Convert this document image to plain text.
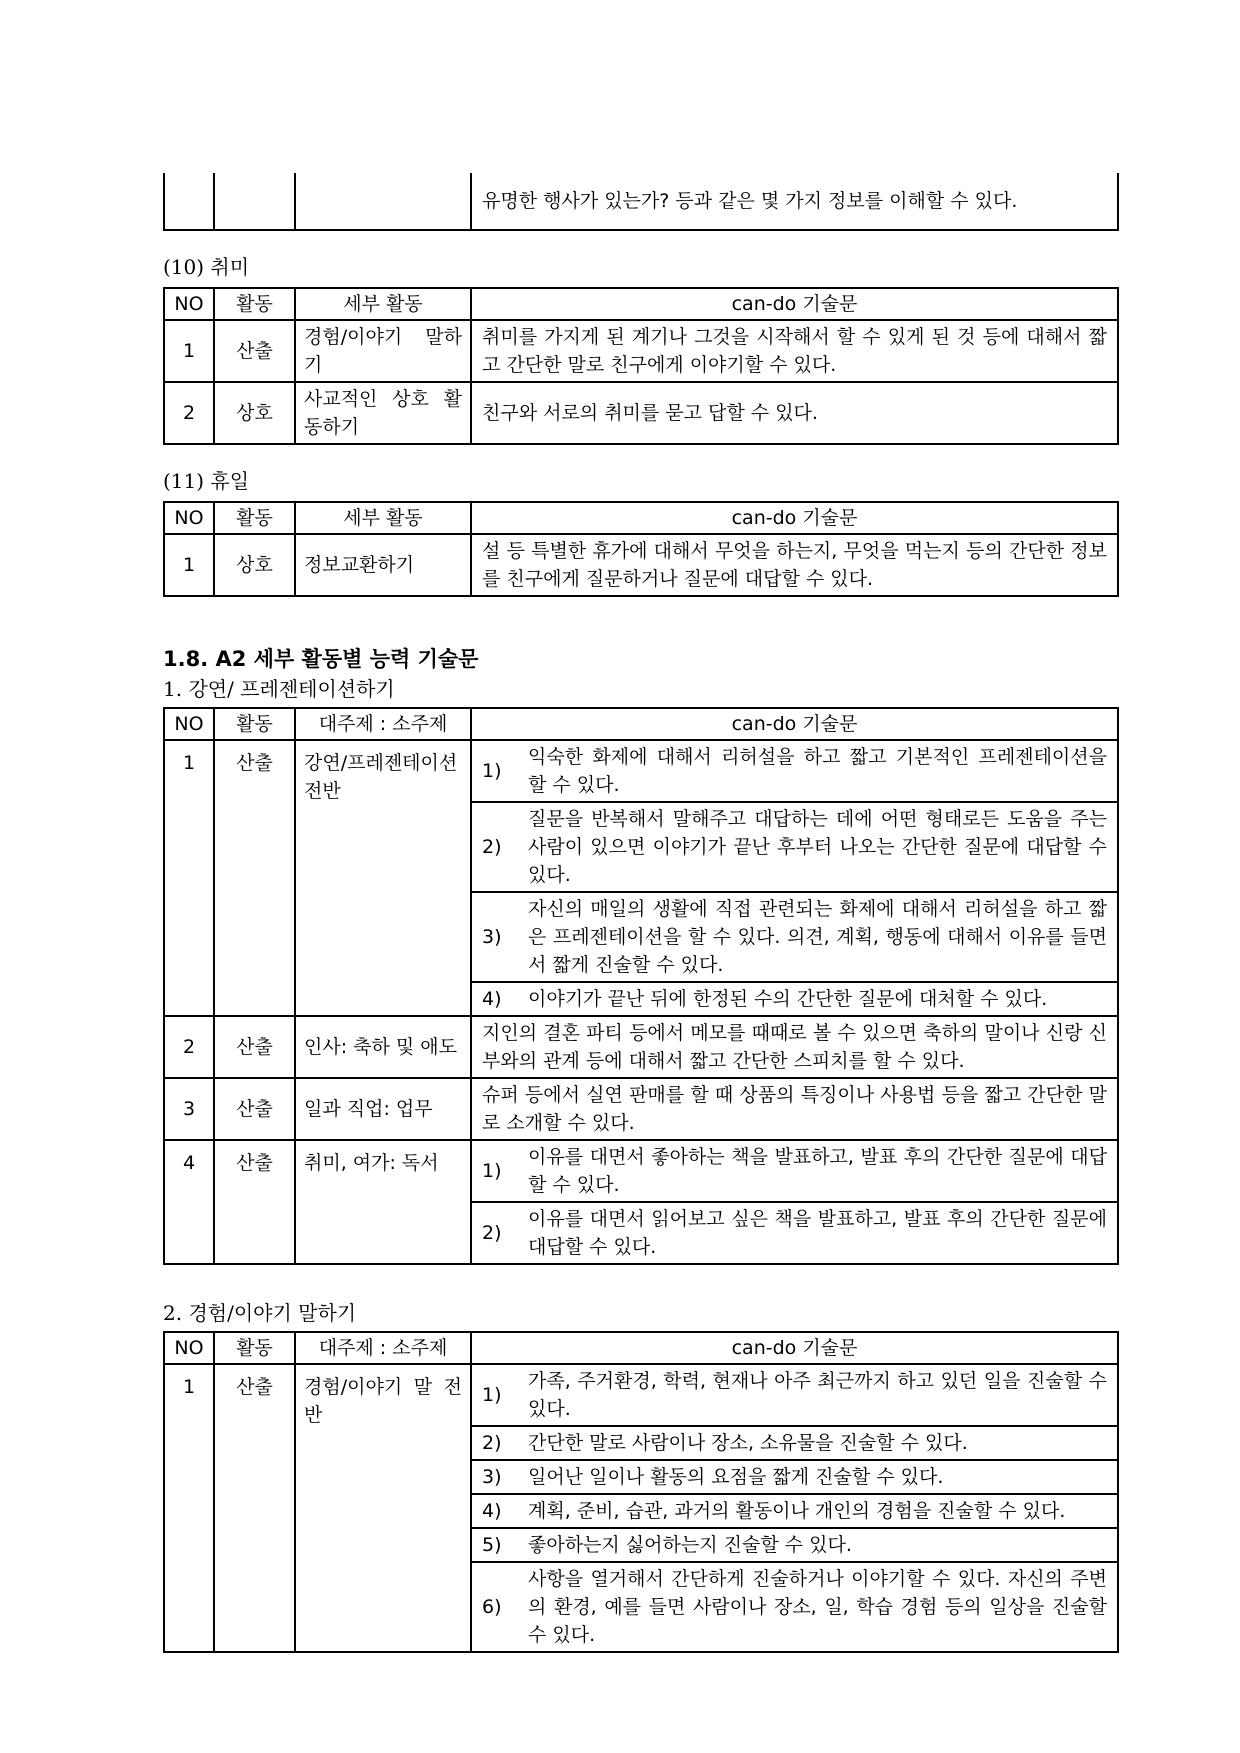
유명한 행사가 있는가? 등과 같은 몇 가지 정보를 이해할 수 있다.
(10) 취미
NO	활동	세부 활동	can-do 기술문
1	산출	경험/이야기 말하기	취미를 가지게 된 계기나 그것을 시작해서 할 수 있게 된 것 등에 대해서 짧고 간단한 말로 친구에게 이야기할 수 있다.

2	상호	사교적인 상호 활동하기	친구와 서로의 취미를 묻고 답할 수 있다.
(11) 휴일
NO	활동	세부 활동	can-do 기술문
1	상호	정보교환하기	설 등 특별한 휴가에 대해서 무엇을 하는지, 무엇을 먹는지 등의 간단한 정보를 친구에게 질문하거나 질문에 대답할 수 있다.
1.8. A2 세부 활동별 능력 기술문
1. 강연/ 프레젠테이션하기
NO	활동	대주제 : 소주제	can-do 기술문
1	산출	강연/프레젠테이션전반	
1)
익숙한 화제에 대해서 리허설을 하고 짧고 기본적인 프레젠테이션을 할 수 있다.
2)
질문을 반복해서 말해주고 대답하는 데에 어떤 형태로든 도움을 주는 사람이 있으면 이야기가 끝난 후부터 나오는 간단한 질문에 대답할 수 있다.
3)
자신의 매일의 생활에 직접 관련되는 화제에 대해서 리허설을 하고 짧은 프레젠테이션을 할 수 있다. 의견, 계획, 행동에 대해서 이유를 들면서 짧게 진술할 수 있다.
4)	이야기가 끝난 뒤에 한정된 수의 간단한 질문에 대처할 수 있다.

2	산출	인사: 축하 및 애도	지인의 결혼 파티 등에서 메모를 때때로 볼 수 있으면 축하의 말이나 신랑 신부와의 관계 등에 대해서 짧고 간단한 스피치를 할 수 있다.

3	산출	일과 직업: 업무	슈퍼 등에서 실연 판매를 할 때 상품의 특징이나 사용법 등을 짧고 간단한 말로 소개할 수 있다.

4	산출	취미, 여가: 독서	1)
이유를 대면서 좋아하는 책을 발표하고, 발표 후의 간단한 질문에 대답할 수 있다.
2)
이유를 대면서 읽어보고 싶은 책을 발표하고, 발표 후의 간단한 질문에 대답할 수 있다.
2. 경험/이야기 말하기
NO	활동	대주제 : 소주제	can-do 기술문
1	산출	경험/이야기 말 전반	
1)
가족, 주거환경, 학력, 현재나 아주 최근까지 하고 있던 일을 진술할 수 있다.
2)	간단한 말로 사람이나 장소, 소유물을 진술할 수 있다.
3)	일어난 일이나 활동의 요점을 짧게 진술할 수 있다.
4)	계획, 준비, 습관, 과거의 활동이나 개인의 경험을 진술할 수 있다.
5)	좋아하는지 싫어하는지 진술할 수 있다.
6)
사항을 열거해서 간단하게 진술하거나 이야기할 수 있다. 자신의 주변의 환경, 예를 들면 사람이나 장소, 일, 학습 경험 등의 일상을 진술할 수 있다.
